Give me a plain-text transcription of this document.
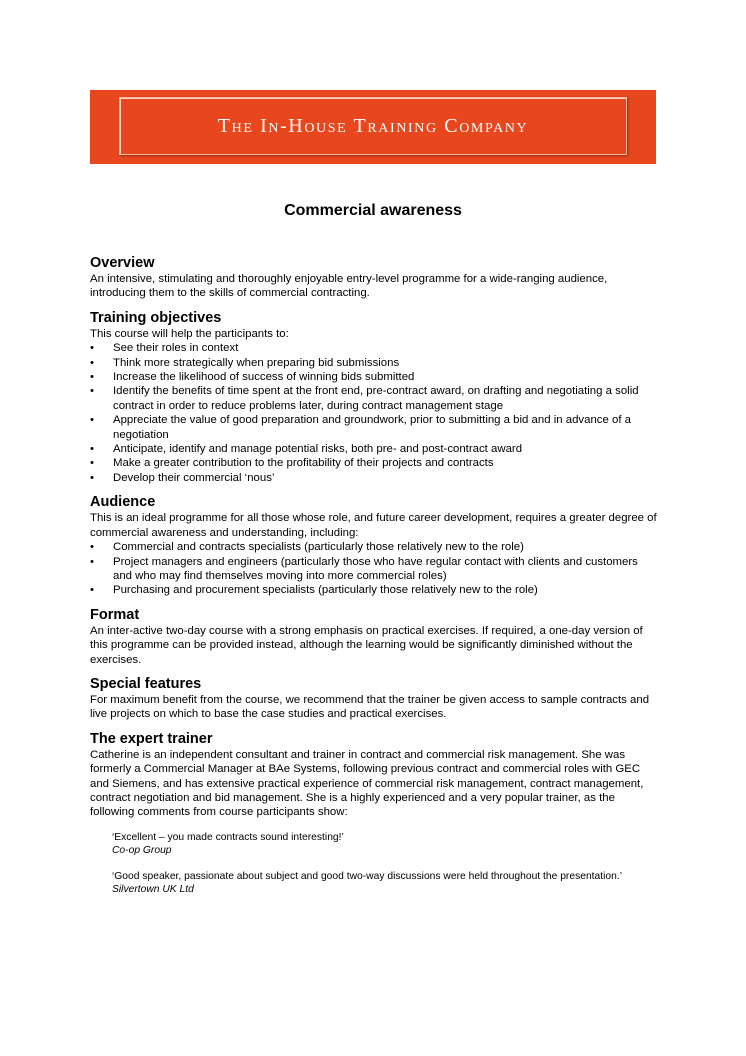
The In-House Training Company
Commercial awareness
Overview

An intensive, stimulating and thoroughly enjoyable entry-level programme for a wide-ranging audience, introducing them to the skills of commercial contracting.

Training objectives

This course will help the participants to:

• See their roles in context
• Think more strategically when preparing bid submissions
• Increase the likelihood of success of winning bids submitted
• Identify the benefits of time spent at the front end, pre-contract award, on drafting and negotiating a solid contract in order to reduce problems later, during contract management stage
• Appreciate the value of good preparation and groundwork, prior to submitting a bid and in advance of a negotiation
• Anticipate, identify and manage potential risks, both pre- and post-contract award
• Make a greater contribution to the profitability of their projects and contracts
• Develop their commercial ‘nous’
Audience

This is an ideal programme for all those whose role, and future career development, requires a greater degree of commercial awareness and understanding, including:

• Commercial and contracts specialists (particularly those relatively new to the role)
• Project managers and engineers (particularly those who have regular contact with clients and customers and who may find themselves moving into more commercial roles)
• Purchasing and procurement specialists (particularly those relatively new to the role)
Format

An inter-active two-day course with a strong emphasis on practical exercises. If required, a one-day version of this programme can be provided instead, although the learning would be significantly diminished without the exercises.

Special features

For maximum benefit from the course, we recommend that the trainer be given access to sample contracts and live projects on which to base the case studies and practical exercises.

The expert trainer

Catherine is an independent consultant and trainer in contract and commercial risk management. She was formerly a Commercial Manager at BAe Systems, following previous contract and commercial roles with GEC and Siemens, and has extensive practical experience of commercial risk management, contract management, contract negotiation and bid management. She is a highly experienced and a very popular trainer, as the following comments from course participants show:

‘Excellent – you made contracts sound interesting!’
Co-op Group
‘Good speaker, passionate about subject and good two-way discussions were held throughout the presentation.’
Silvertown UK Ltd
